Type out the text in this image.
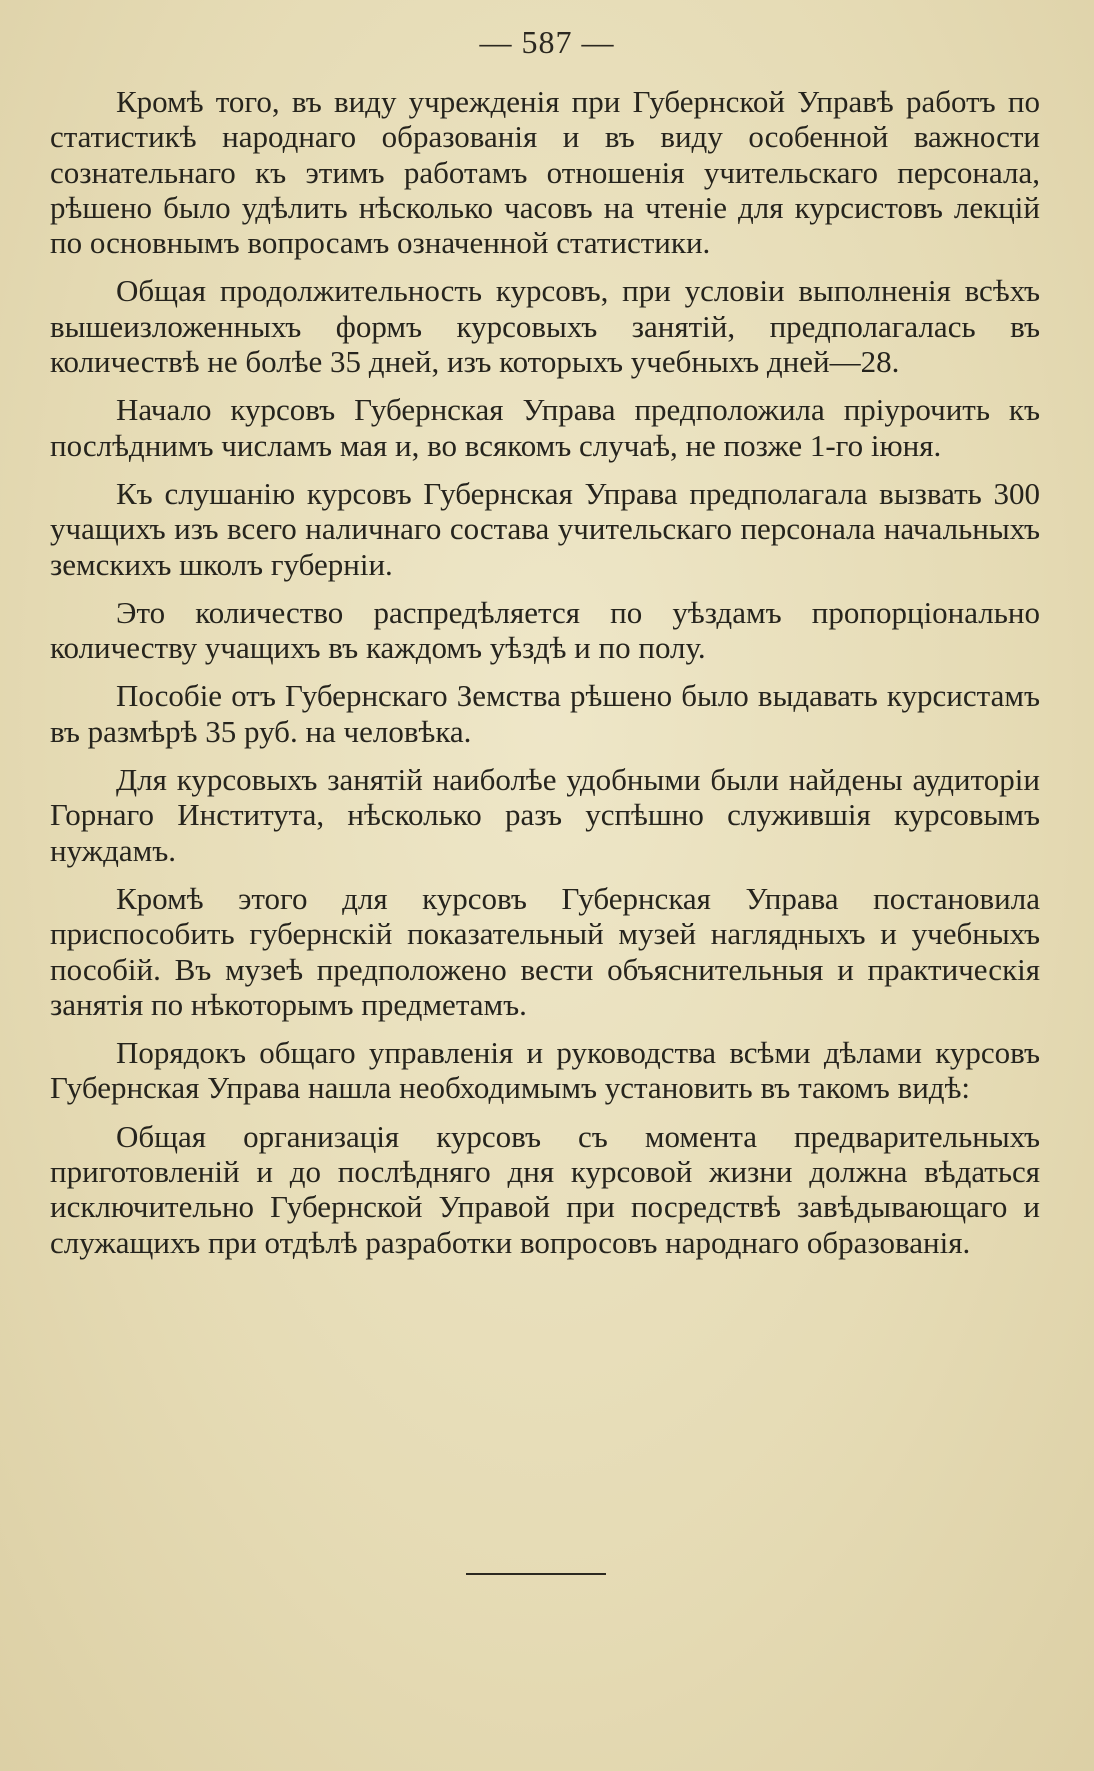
— 587 —

Кромѣ того, въ виду учрежденія при Губернской Управѣ работъ по статистикѣ народнаго образованія и въ виду особенной важности сознательнаго къ этимъ работамъ отношенія учительскаго персонала, рѣшено было удѣлить нѣсколько часовъ на чтеніе для курсистовъ лекцій по основнымъ вопросамъ означенной статистики.

Общая продолжительность курсовъ, при условіи выполненія всѣхъ вышеизложенныхъ формъ курсовыхъ занятій, предполагалась въ количествѣ не болѣе 35 дней, изъ которыхъ учебныхъ дней—28.

Начало курсовъ Губернская Управа предположила пріурочить къ послѣднимъ числамъ мая и, во всякомъ случаѣ, не позже 1-го іюня.

Къ слушанію курсовъ Губернская Управа предполагала вызвать 300 учащихъ изъ всего наличнаго состава учительскаго персонала начальныхъ земскихъ школъ губерніи.

Это количество распредѣляется по уѣздамъ пропорціонально количеству учащихъ въ каждомъ уѣздѣ и по полу.

Пособіе отъ Губернскаго Земства рѣшено было выдавать курсистамъ въ размѣрѣ 35 руб. на человѣка.

Для курсовыхъ занятій наиболѣе удобными были найдены аудиторіи Горнаго Института, нѣсколько разъ успѣшно служившія курсовымъ нуждамъ.

Кромѣ этого для курсовъ Губернская Управа постановила приспособить губернскій показательный музей наглядныхъ и учебныхъ пособій. Въ музеѣ предположено вести объяснительныя и практическія занятія по нѣкоторымъ предметамъ.

Порядокъ общаго управленія и руководства всѣми дѣлами курсовъ Губернская Управа нашла необходимымъ установить въ такомъ видѣ:

Общая организація курсовъ съ момента предварительныхъ приготовленій и до послѣдняго дня курсовой жизни должна вѣдаться исключительно Губернской Управой при посредствѣ завѣдывающаго и служащихъ при отдѣлѣ разработки вопросовъ народнаго образованія.
